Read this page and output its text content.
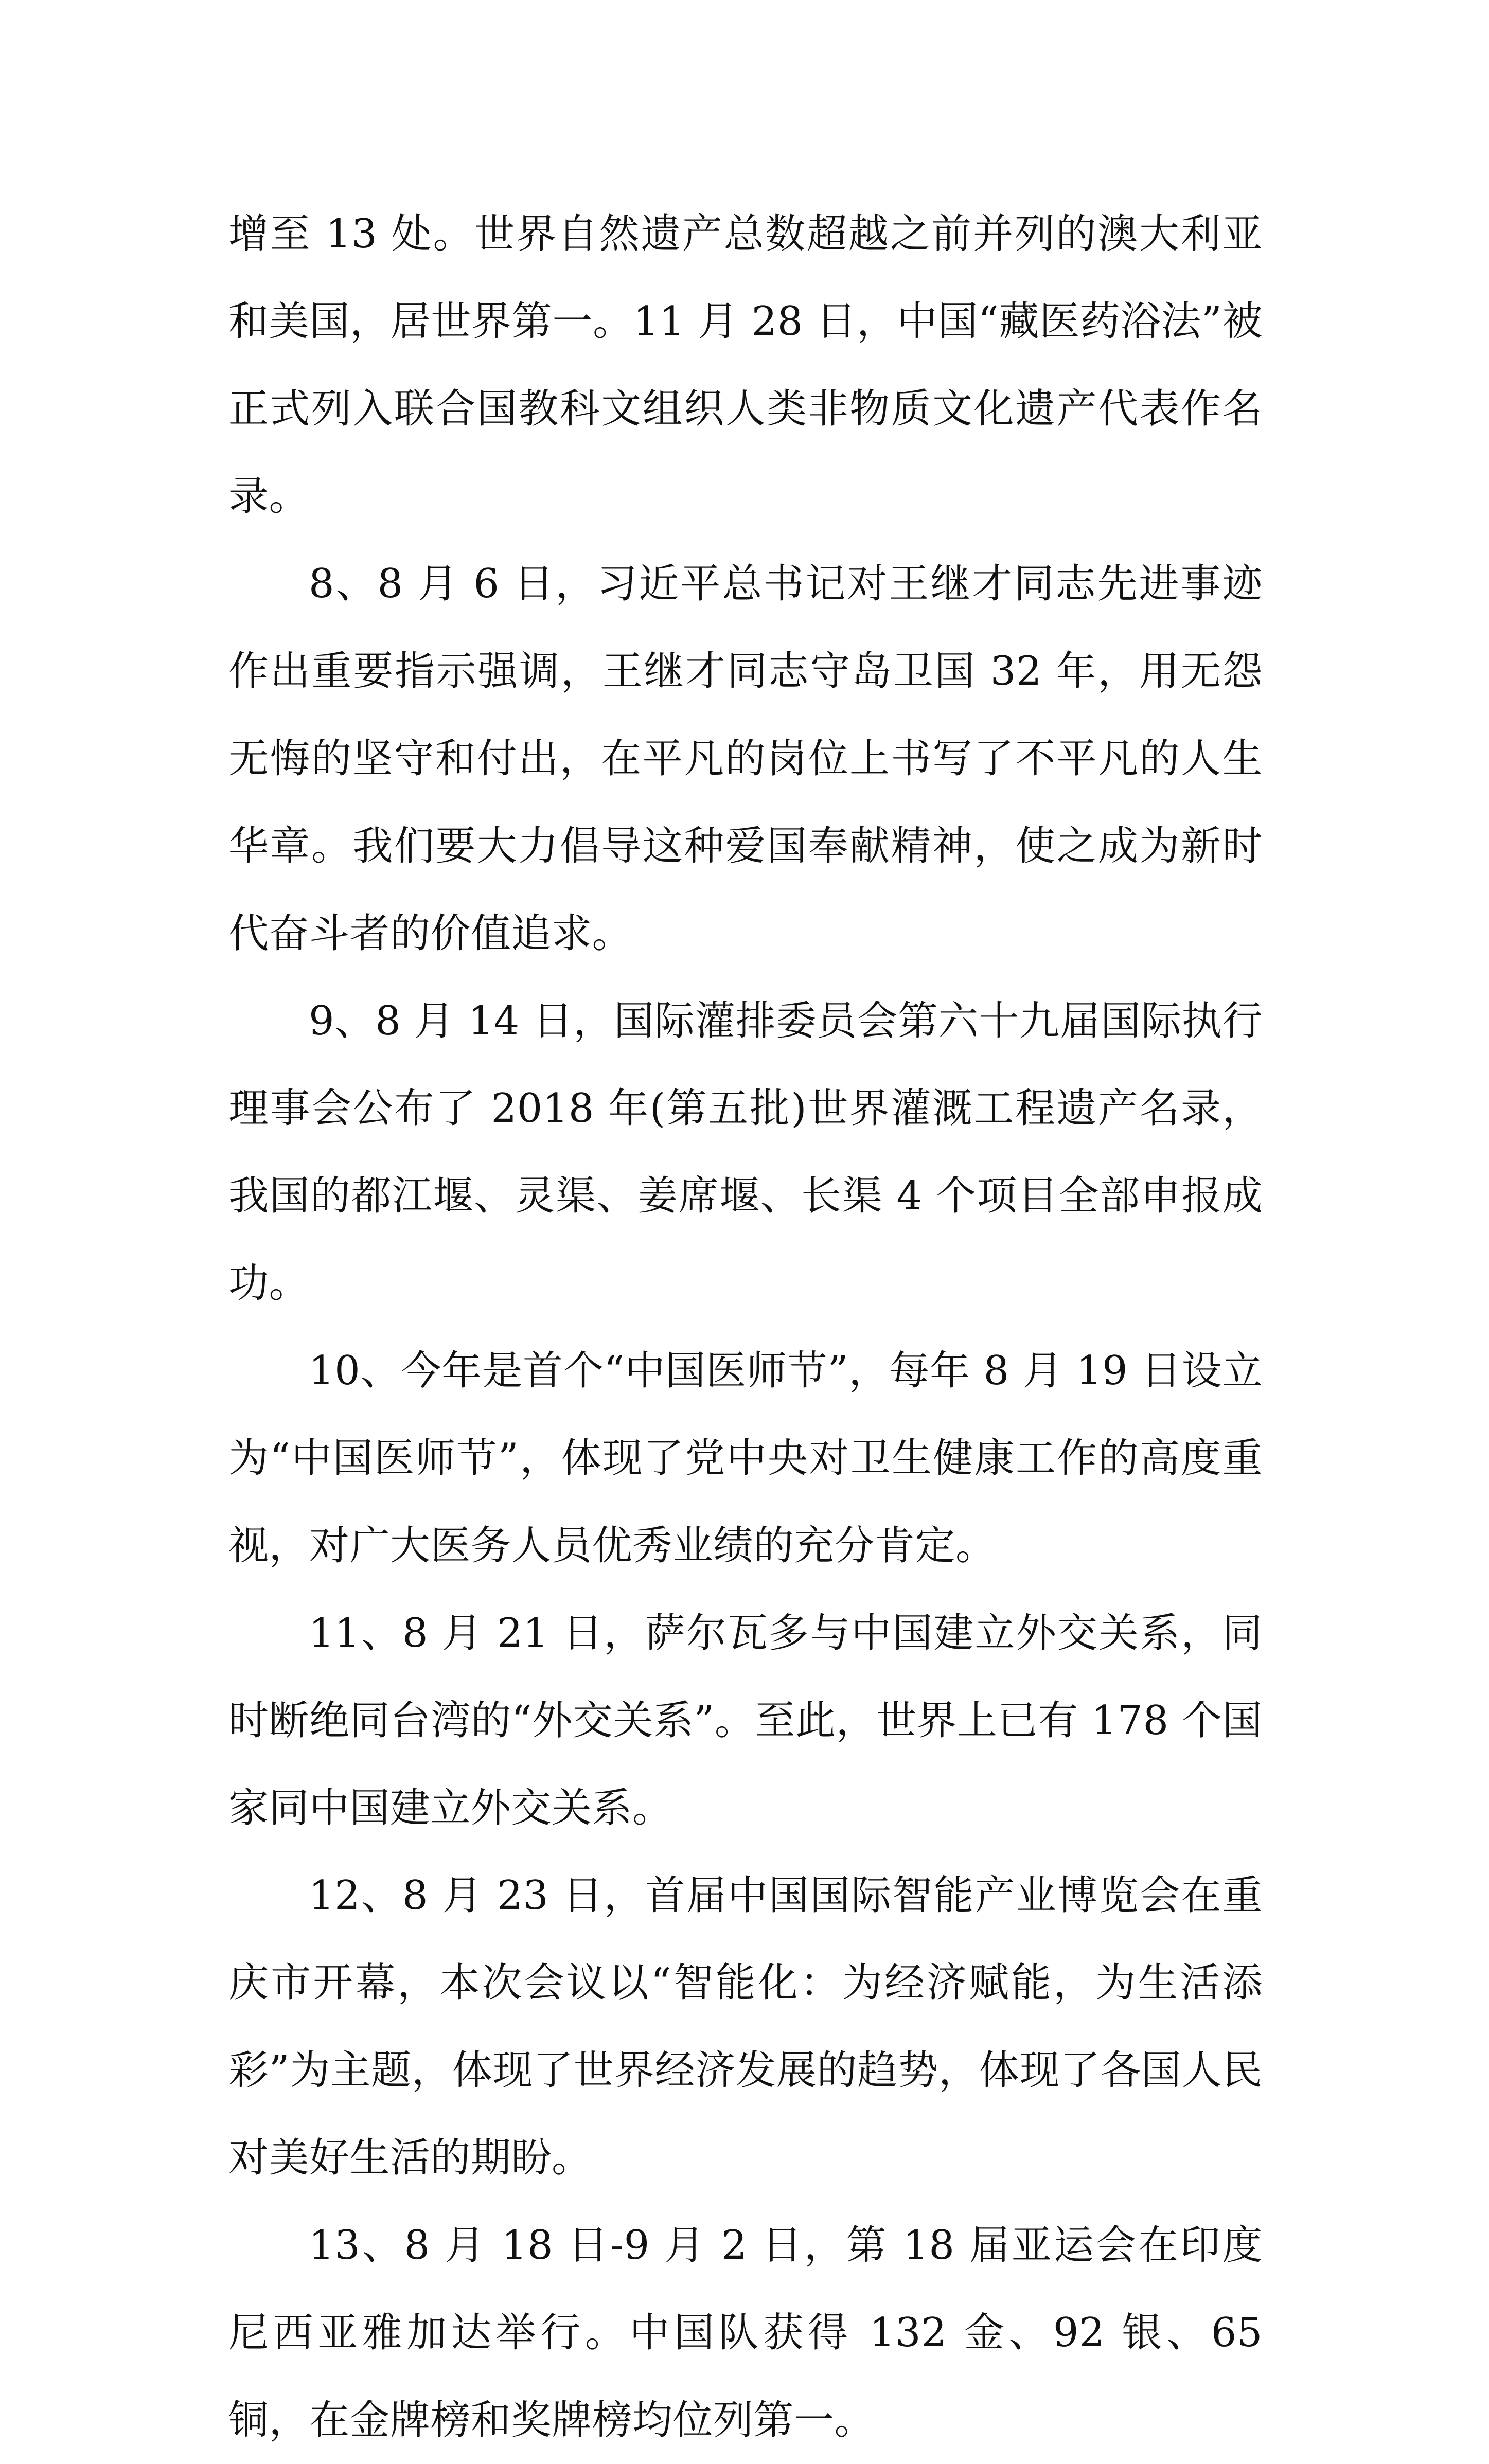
增至 13 处。世界自然遗产总数超越之前并列的澳大利亚和美国，居世界第一。11 月 28 日，中国“藏医药浴法”被正式列入联合国教科文组织人类非物质文化遗产代表作名录。

8、8 月 6 日，习近平总书记对王继才同志先进事迹作出重要指示强调，王继才同志守岛卫国 32 年，用无怨无悔的坚守和付出，在平凡的岗位上书写了不平凡的人生华章。我们要大力倡导这种爱国奉献精神，使之成为新时代奋斗者的价值追求。

9、8 月 14 日，国际灌排委员会第六十九届国际执行理事会公布了 2018 年(第五批)世界灌溉工程遗产名录，我国的都江堰、灵渠、姜席堰、长渠 4 个项目全部申报成功。

10、今年是首个“中国医师节”，每年 8 月 19 日设立为“中国医师节”，体现了党中央对卫生健康工作的高度重视，对广大医务人员优秀业绩的充分肯定。

11、8 月 21 日，萨尔瓦多与中国建立外交关系，同时断绝同台湾的“外交关系”。至此，世界上已有 178 个国家同中国建立外交关系。

12、8 月 23 日，首届中国国际智能产业博览会在重庆市开幕，本次会议以“智能化：为经济赋能，为生活添彩”为主题，体现了世界经济发展的趋势，体现了各国人民对美好生活的期盼。

13、8 月 18 日-9 月 2 日，第 18 届亚运会在印度尼西亚雅加达举行。中国队获得 132 金、92 银、65 铜，在金牌榜和奖牌榜均位列第一。
